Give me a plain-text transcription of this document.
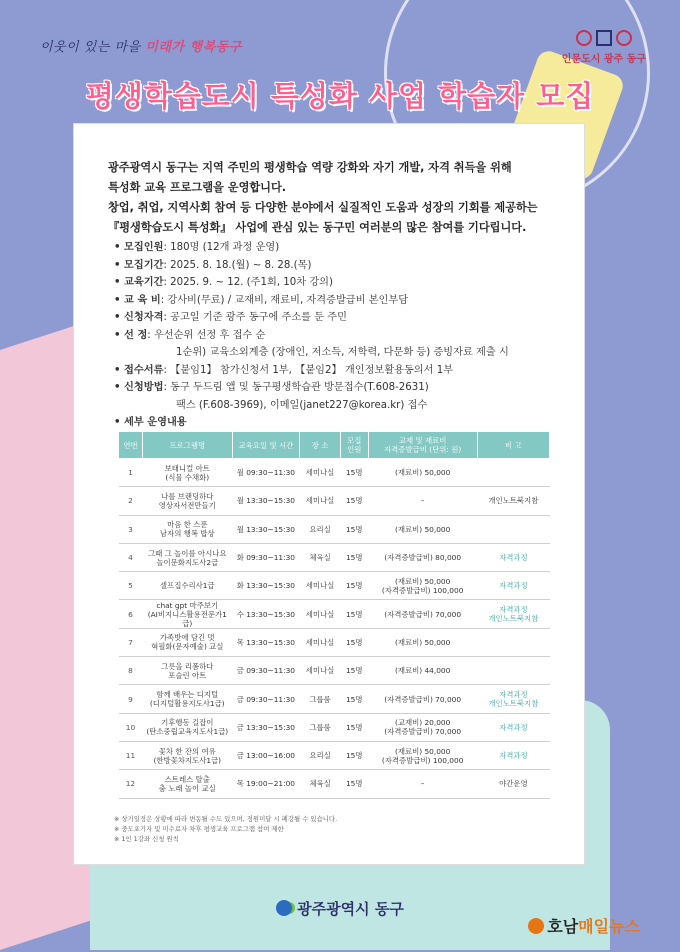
이웃이 있는 마을 미래가 행복동구
인문도시 광주 동구
평생학습도시 특성화 사업 학습자 모집
광주광역시 동구는 지역 주민의 평생학습 역량 강화와 자기 개발, 자격 취득을 위해
특성화 교육 프로그램을 운영합니다.
창업, 취업, 지역사회 참여 등 다양한 분야에서 실질적인 도움과 성장의 기회를 제공하는
『평생학습도시 특성화』 사업에 관심 있는 동구민 여러분의 많은 참여를 기다립니다.
• 모집인원 : 180명 (12개 과정 운영)
• 모집기간 : 2025. 8. 18.(월) ~ 8. 28.(목)
• 교육기간 : 2025. 9. ~ 12. (주1회, 10차 강의)
• 교 육 비 : 강사비(무료) / 교재비, 재료비, 자격증발급비 본인부담
• 신청자격 : 공고일 기준 광주 동구에 주소를 둔 주민
• 선 정 : 우선순위 선정 후 접수 순
1순위) 교육소외계층 (장애인, 저소득, 저학력, 다문화 등) 증빙자료 제출 시
• 접수서류 : 【붙임1】 참가신청서 1부, 【붙임2】 개인정보활용동의서 1부
• 신청방법 : 동구 두드림 앱 및 동구평생학습관 방문접수(T.608-2631)
팩스 (F.608-3969), 이메일(janet227@korea.kr) 접수
• 세부 운영내용
연번	프로그램명	교육요일 및 시간	장 소	모집
인원	교재 및 재료비
자격증발급비 (단위: 원)	비 고
1	보태니컬 아트
(식물 수채화)	월 09:30~11:30	세미나실	15명	(재료비) 50,000	
2	나를 브랜딩하다
영상자서전만들기	월 13:30~15:30	세미나실	15명	–	개인노트북지참
3	마음 한 스푼
남자의 행복 밥상	월 13:30~15:30	요리실	15명	(재료비) 50,000	
4	그때 그 놀이를 아시나요
놀이문화지도사2급	화 09:30~11:30	체육실	15명	(자격증발급비) 80,000	자격과정
5	셀프집수리사1급	화 13:30~15:30	세미나실	15명	(재료비) 50,000
(자격증발급비) 100,000	자격과정
6	chat gpt 마주보기
(AI비지니스활용전문가1급)	수 13:30~15:30	세미나실	15명	(자격증발급비) 70,000	자격과정
개인노트북지참
7	가족밧에 담긴 멋
혁필화(문자예술) 교실	목 13:30~15:30	세미나실	15명	(재료비) 50,000	
8	그릇을 리폼하다
포슬린 아트	금 09:30~11:30	세미나실	15명	(재료비) 44,000	
9	함께 배우는 디지털
(디지털활용지도사1급)	금 09:30~11:30	그룹룸	15명	(자격증발급비) 70,000	자격과정
개인노트북지참
10	기후행동 길잡이
(탄소중립교육지도사1급)	금 13:30~15:30	그룹룸	15명	(교재비) 20,000
(자격증발급비) 70,000	자격과정
11	꽃차 한 잔의 여유
(한방꽃차지도사1급)	금 13:00~16:00	요리실	15명	(재료비) 50,000
(자격증발급비) 100,000	자격과정
12	스트레스 탈출
춤 노래 놀이 교실	목 19:00~21:00	체육실	15명	–	야간운영
※ 상기일정은 상황에 따라 변동될 수도 있으며, 정원미달 시 폐강될 수 있습니다.
※ 중도포기자 및 미수료자 차후 평생교육 프로그램 참여 제한
※ 1인 1강좌 신청 원칙
광주광역시 동구
호남매일뉴스
